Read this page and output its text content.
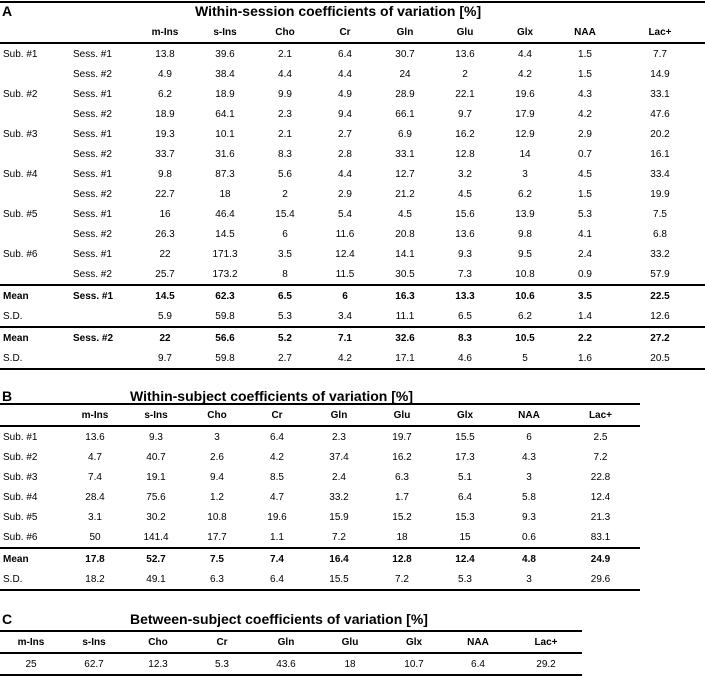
A	Within-session coefficients of variation [%]
		m-Ins	s-Ins	Cho	Cr	Gln	Glu	Glx	NAA	Lac+
Sub. #1	Sess. #1	13.8	39.6	2.1	6.4	30.7	13.6	4.4	1.5	7.7
	Sess. #2	4.9	38.4	4.4	4.4	24	2	4.2	1.5	14.9
Sub. #2	Sess. #1	6.2	18.9	9.9	4.9	28.9	22.1	19.6	4.3	33.1
	Sess. #2	18.9	64.1	2.3	9.4	66.1	9.7	17.9	4.2	47.6
Sub. #3	Sess. #1	19.3	10.1	2.1	2.7	6.9	16.2	12.9	2.9	20.2
	Sess. #2	33.7	31.6	8.3	2.8	33.1	12.8	14	0.7	16.1
Sub. #4	Sess. #1	9.8	87.3	5.6	4.4	12.7	3.2	3	4.5	33.4
	Sess. #2	22.7	18	2	2.9	21.2	4.5	6.2	1.5	19.9
Sub. #5	Sess. #1	16	46.4	15.4	5.4	4.5	15.6	13.9	5.3	7.5
	Sess. #2	26.3	14.5	6	11.6	20.8	13.6	9.8	4.1	6.8
Sub. #6	Sess. #1	22	171.3	3.5	12.4	14.1	9.3	9.5	2.4	33.2
	Sess. #2	25.7	173.2	8	11.5	30.5	7.3	10.8	0.9	57.9
Mean	Sess. #1	14.5	62.3	6.5	6	16.3	13.3	10.6	3.5	22.5
S.D.		5.9	59.8	5.3	3.4	11.1	6.5	6.2	1.4	12.6
Mean	Sess. #2	22	56.6	5.2	7.1	32.6	8.3	10.5	2.2	27.2
S.D.		9.7	59.8	2.7	4.2	17.1	4.6	5	1.6	20.5
B	Within-subject coefficients of variation [%]
	m-Ins	s-Ins	Cho	Cr	Gln	Glu	Glx	NAA	Lac+
Sub. #1	13.6	9.3	3	6.4	2.3	19.7	15.5	6	2.5
Sub. #2	4.7	40.7	2.6	4.2	37.4	16.2	17.3	4.3	7.2
Sub. #3	7.4	19.1	9.4	8.5	2.4	6.3	5.1	3	22.8
Sub. #4	28.4	75.6	1.2	4.7	33.2	1.7	6.4	5.8	12.4
Sub. #5	3.1	30.2	10.8	19.6	15.9	15.2	15.3	9.3	21.3
Sub. #6	50	141.4	17.7	1.1	7.2	18	15	0.6	83.1
Mean	17.8	52.7	7.5	7.4	16.4	12.8	12.4	4.8	24.9
S.D.	18.2	49.1	6.3	6.4	15.5	7.2	5.3	3	29.6
C	Between-subject coefficients of variation [%]
m-Ins	s-Ins	Cho	Cr	Gln	Glu	Glx	NAA	Lac+
25	62.7	12.3	5.3	43.6	18	10.7	6.4	29.2
